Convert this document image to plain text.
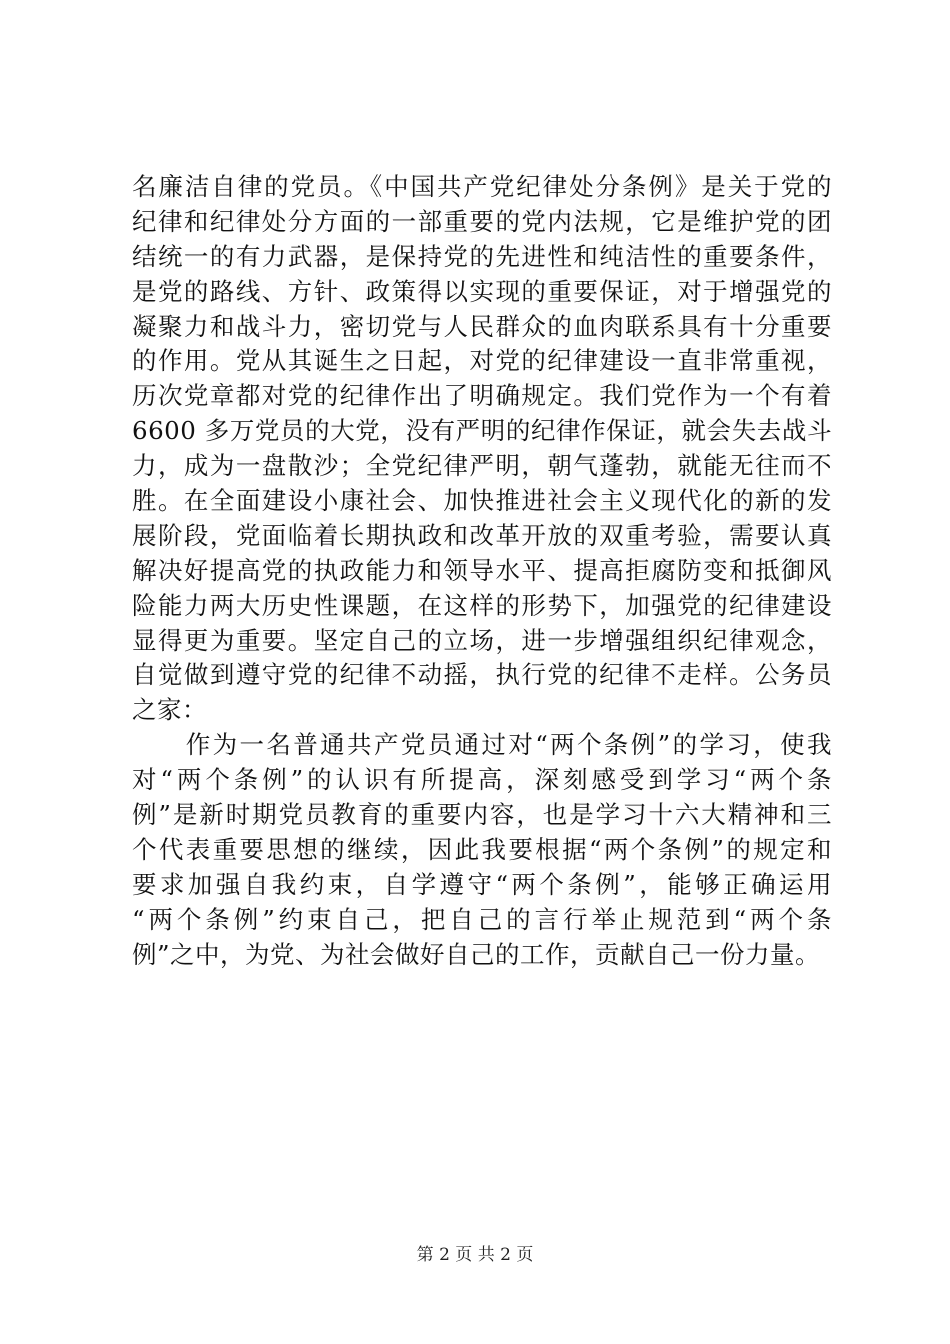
名廉洁自律的党员。《中国共产党纪律处分条例》是关于党的
纪律和纪律处分方面的一部重要的党内法规，它是维护党的团
结统一的有力武器，是保持党的先进性和纯洁性的重要条件，
是党的路线、方针、政策得以实现的重要保证，对于增强党的
凝聚力和战斗力，密切党与人民群众的血肉联系具有十分重要
的作用。党从其诞生之日起，对党的纪律建设一直非常重视，
历次党章都对党的纪律作出了明确规定。我们党作为一个有着
6600 多万党员的大党，没有严明的纪律作保证，就会失去战斗
力，成为一盘散沙；全党纪律严明，朝气蓬勃，就能无往而不
胜。在全面建设小康社会、加快推进社会主义现代化的新的发
展阶段，党面临着长期执政和改革开放的双重考验，需要认真
解决好提高党的执政能力和领导水平、提高拒腐防变和抵御风
险能力两大历史性课题，在这样的形势下，加强党的纪律建设
显得更为重要。坚定自己的立场，进一步增强组织纪律观念，
自觉做到遵守党的纪律不动摇，执行党的纪律不走样。公务员
之家：
　　作为一名普通共产党员通过对“两个条例”的学习，使我
对“两个条例”的认识有所提高，深刻感受到学习“两个条
例”是新时期党员教育的重要内容，也是学习十六大精神和三
个代表重要思想的继续，因此我要根据“两个条例”的规定和
要求加强自我约束，自学遵守“两个条例”，能够正确运用
“两个条例”约束自己，把自己的言行举止规范到“两个条
例”之中，为党、为社会做好自己的工作，贡献自己一份力量。
第 2 页 共 2 页
